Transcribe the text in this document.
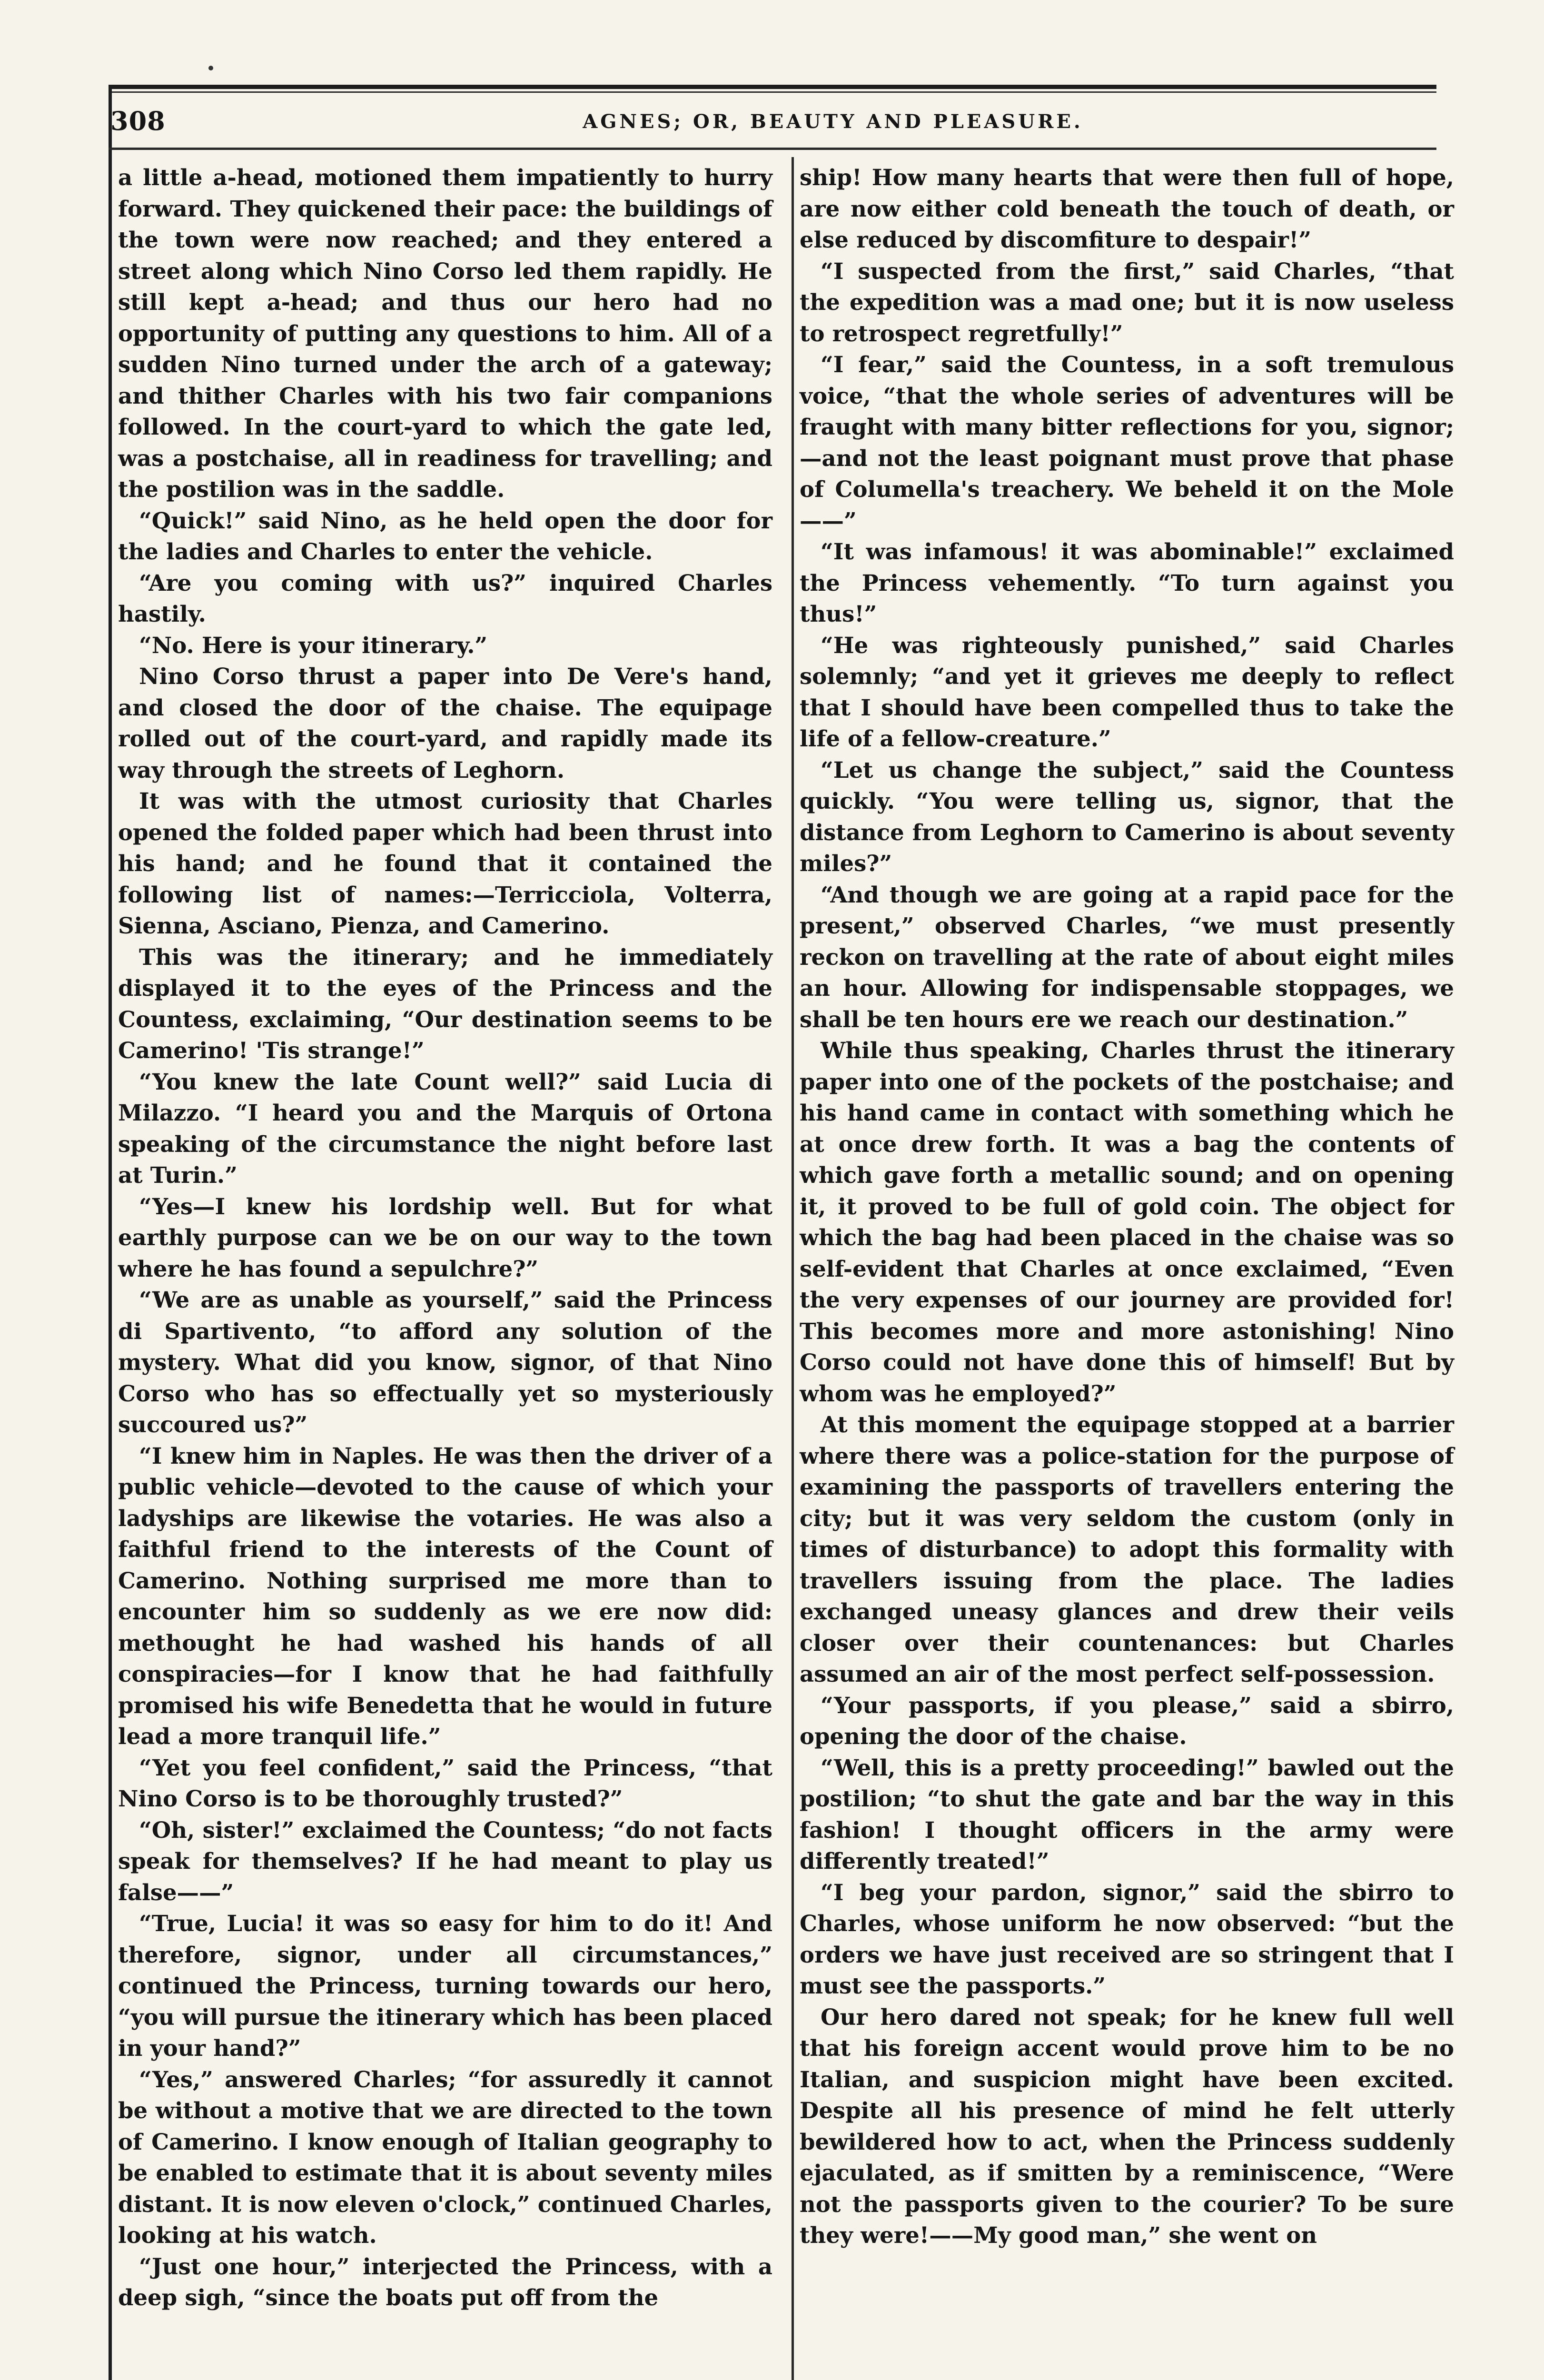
308	AGNES; OR, BEAUTY AND PLEASURE.

a little a-head, motioned them impatiently to hurry forward. They quickened their pace: the buildings of the town were now reached; and they entered a street along which Nino Corso led them rapidly. He still kept a-head; and thus our hero had no opportunity of putting any questions to him. All of a sudden Nino turned under the arch of a gateway; and thither Charles with his two fair companions followed. In the court-yard to which the gate led, was a postchaise, all in readiness for travelling; and the postilion was in the saddle.

“Quick!” said Nino, as he held open the door for the ladies and Charles to enter the vehicle.

“Are you coming with us?” inquired Charles hastily.

“No. Here is your itinerary.”

Nino Corso thrust a paper into De Vere's hand, and closed the door of the chaise. The equipage rolled out of the court-yard, and rapidly made its way through the streets of Leghorn.

It was with the utmost curiosity that Charles opened the folded paper which had been thrust into his hand; and he found that it contained the following list of names:—Terricciola, Volterra, Sienna, Asciano, Pienza, and Camerino.

This was the itinerary; and he immediately displayed it to the eyes of the Princess and the Countess, exclaiming, “Our destination seems to be Camerino! 'Tis strange!”

“You knew the late Count well?” said Lucia di Milazzo. “I heard you and the Marquis of Ortona speaking of the circumstance the night before last at Turin.”

“Yes—I knew his lordship well. But for what earthly purpose can we be on our way to the town where he has found a sepulchre?”

“We are as unable as yourself,” said the Princess di Spartivento, “to afford any solution of the mystery. What did you know, signor, of that Nino Corso who has so effectually yet so mysteriously succoured us?”

“I knew him in Naples. He was then the driver of a public vehicle—devoted to the cause of which your ladyships are likewise the votaries. He was also a faithful friend to the interests of the Count of Camerino. Nothing surprised me more than to encounter him so suddenly as we ere now did: methought he had washed his hands of all conspiracies—for I know that he had faithfully promised his wife Benedetta that he would in future lead a more tranquil life.”

“Yet you feel confident,” said the Princess, “that Nino Corso is to be thoroughly trusted?”

“Oh, sister!” exclaimed the Countess; “do not facts speak for themselves? If he had meant to play us false——”

“True, Lucia! it was so easy for him to do it! And therefore, signor, under all circumstances,” continued the Princess, turning towards our hero, “you will pursue the itinerary which has been placed in your hand?”

“Yes,” answered Charles; “for assuredly it cannot be without a motive that we are directed to the town of Camerino. I know enough of Italian geography to be enabled to estimate that it is about seventy miles distant. It is now eleven o'clock,” continued Charles, looking at his watch.

“Just one hour,” interjected the Princess, with a deep sigh, “since the boats put off from the

ship! How many hearts that were then full of hope, are now either cold beneath the touch of death, or else reduced by discomfiture to despair!”

“I suspected from the first,” said Charles, “that the expedition was a mad one; but it is now useless to retrospect regretfully!”

“I fear,” said the Countess, in a soft tremulous voice, “that the whole series of adventures will be fraught with many bitter reflections for you, signor;—and not the least poignant must prove that phase of Columella's treachery. We beheld it on the Mole——”

“It was infamous! it was abominable!” exclaimed the Princess vehemently. “To turn against you thus!”

“He was righteously punished,” said Charles solemnly; “and yet it grieves me deeply to reflect that I should have been compelled thus to take the life of a fellow-creature.”

“Let us change the subject,” said the Countess quickly. “You were telling us, signor, that the distance from Leghorn to Camerino is about seventy miles?”

“And though we are going at a rapid pace for the present,” observed Charles, “we must presently reckon on travelling at the rate of about eight miles an hour. Allowing for indispensable stoppages, we shall be ten hours ere we reach our destination.”

While thus speaking, Charles thrust the itinerary paper into one of the pockets of the postchaise; and his hand came in contact with something which he at once drew forth. It was a bag the contents of which gave forth a metallic sound; and on opening it, it proved to be full of gold coin. The object for which the bag had been placed in the chaise was so self-evident that Charles at once exclaimed, “Even the very expenses of our journey are provided for! This becomes more and more astonishing! Nino Corso could not have done this of himself! But by whom was he employed?”

At this moment the equipage stopped at a barrier where there was a police-station for the purpose of examining the passports of travellers entering the city; but it was very seldom the custom (only in times of disturbance) to adopt this formality with travellers issuing from the place. The ladies exchanged uneasy glances and drew their veils closer over their countenances: but Charles assumed an air of the most perfect self-possession.

“Your passports, if you please,” said a sbirro, opening the door of the chaise.

“Well, this is a pretty proceeding!” bawled out the postilion; “to shut the gate and bar the way in this fashion! I thought officers in the army were differently treated!”

“I beg your pardon, signor,” said the sbirro to Charles, whose uniform he now observed: “but the orders we have just received are so stringent that I must see the passports.”

Our hero dared not speak; for he knew full well that his foreign accent would prove him to be no Italian, and suspicion might have been excited. Despite all his presence of mind he felt utterly bewildered how to act, when the Princess suddenly ejaculated, as if smitten by a reminiscence, “Were not the passports given to the courier? To be sure they were!——My good man,” she went on
